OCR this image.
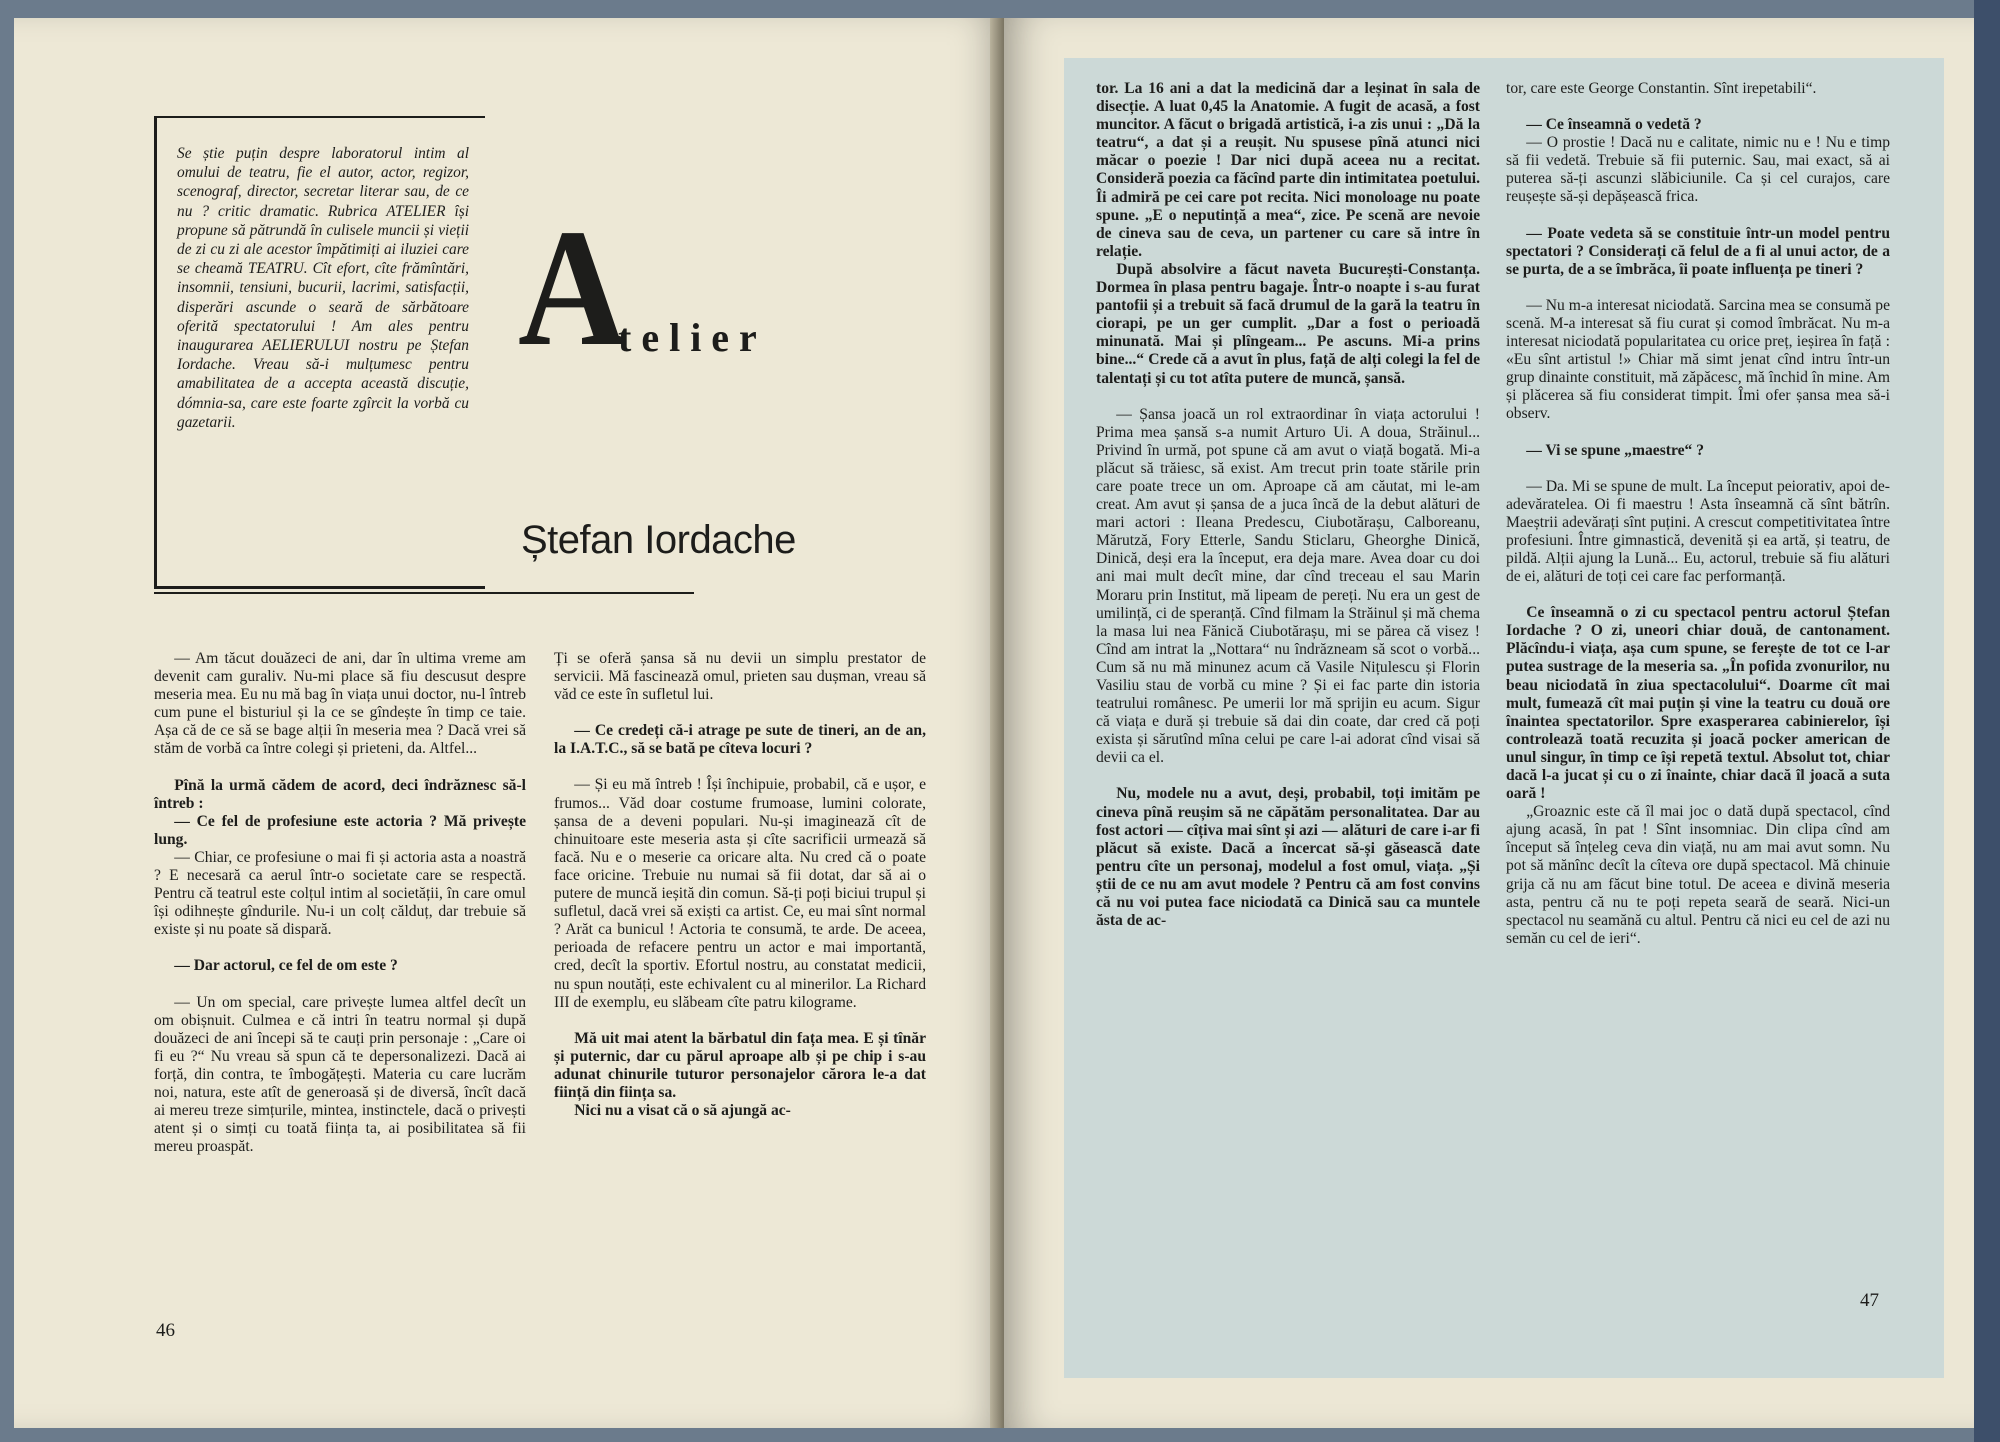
Se știe puțin despre laboratorul intim al omului de teatru, fie el autor, actor, regizor, scenograf, director, secretar literar sau, de ce nu ? critic dramatic. Rubrica ATELIER își propune să pătrundă în culisele muncii și vieții de zi cu zi ale acestor împătimiți ai iluziei care se cheamă TEATRU. Cît efort, cîte frămîntări, insomnii, tensiuni, bucurii, lacrimi, satisfacții, disperări ascunde o seară de sărbătoare oferită spectatorului ! Am ales pentru inaugurarea AELIERULUI nostru pe Ștefan Iordache. Vreau să-i mulțumesc pentru amabilitatea de a accepta această discuție, dómnia-sa, care este foarte zgîrcit la vorbă cu gazetarii.
A
telier
Ștefan Iordache

— Am tăcut douăzeci de ani, dar în ultima vreme am devenit cam guraliv. Nu-mi place să fiu descusut despre meseria mea. Eu nu mă bag în viața unui doctor, nu-l întreb cum pune el bisturiul și la ce se gîndește în timp ce taie. Așa că de ce să se bage alții în meseria mea ? Dacă vrei să stăm de vorbă ca între colegi și prieteni, da. Altfel...

Pînă la urmă cădem de acord, deci îndrăznesc să-l întreb :

— Ce fel de profesiune este actoria ? Mă privește lung.

— Chiar, ce profesiune o mai fi și actoria asta a noastră ? E necesară ca aerul într-o societate care se respectă. Pentru că teatrul este colțul intim al societății, în care omul își odihnește gîndurile. Nu-i un colț călduț, dar trebuie să existe și nu poate să dispară.

— Dar actorul, ce fel de om este ?

— Un om special, care privește lumea altfel decît un om obișnuit. Culmea e că intri în teatru normal și după douăzeci de ani începi să te cauți prin personaje : „Care oi fi eu ?“ Nu vreau să spun că te depersonalizezi. Dacă ai forță, din contra, te îmbogățești. Materia cu care lucrăm noi, natura, este atît de generoasă și de diversă, încît dacă ai mereu treze simțurile, mintea, instinctele, dacă o privești atent și o simți cu toată ființa ta, ai posibilitatea să fii mereu proaspăt.

Ți se oferă șansa să nu devii un simplu prestator de servicii. Mă fascinează omul, prieten sau dușman, vreau să văd ce este în sufletul lui.

— Ce credeți că-i atrage pe sute de tineri, an de an, la I.A.T.C., să se bată pe cîteva locuri ?

— Și eu mă întreb ! Își închipuie, probabil, că e ușor, e frumos... Văd doar costume frumoase, lumini colorate, șansa de a deveni populari. Nu-și imaginează cît de chinuitoare este meseria asta și cîte sacrificii urmează să facă. Nu e o meserie ca oricare alta. Nu cred că o poate face oricine. Trebuie nu numai să fii dotat, dar să ai o putere de muncă ieșită din comun. Să-ți poți biciui trupul și sufletul, dacă vrei să exiști ca artist. Ce, eu mai sînt normal ? Arăt ca bunicul ! Actoria te consumă, te arde. De aceea, perioada de refacere pentru un actor e mai importantă, cred, decît la sportiv. Efortul nostru, au constatat medicii, nu spun noutăți, este echivalent cu al minerilor. La Richard III de exemplu, eu slăbeam cîte patru kilograme.

Mă uit mai atent la bărbatul din fața mea. E și tînăr și puternic, dar cu părul aproape alb și pe chip i s-au adunat chinurile tuturor personajelor cărora le-a dat ființă din ființa sa.

Nici nu a visat că o să ajungă ac-

46

tor. La 16 ani a dat la medicină dar a leșinat în sala de disecție. A luat 0,45 la Anatomie. A fugit de acasă, a fost muncitor. A făcut o brigadă artistică, i-a zis unui : „Dă la teatru“, a dat și a reușit. Nu spusese pînă atunci nici măcar o poezie ! Dar nici după aceea nu a recitat. Consideră poezia ca făcînd parte din intimitatea poetului. Îi admiră pe cei care pot recita. Nici monoloage nu poate spune. „E o neputință a mea“, zice. Pe scenă are nevoie de cineva sau de ceva, un partener cu care să intre în relație.

După absolvire a făcut naveta București-Constanța. Dormea în plasa pentru bagaje. Într-o noapte i s-au furat pantofii și a trebuit să facă drumul de la gară la teatru în ciorapi, pe un ger cumplit. „Dar a fost o perioadă minunată. Mai și plîngeam... Pe ascuns. Mi-a prins bine...“ Crede că a avut în plus, față de alți colegi la fel de talentați și cu tot atîta putere de muncă, șansă.

— Șansa joacă un rol extraordinar în viața actorului ! Prima mea șansă s-a numit Arturo Ui. A doua, Străinul... Privind în urmă, pot spune că am avut o viață bogată. Mi-a plăcut să trăiesc, să exist. Am trecut prin toate stările prin care poate trece un om. Aproape că am căutat, mi le-am creat. Am avut și șansa de a juca încă de la debut alături de mari actori : Ileana Predescu, Ciubotărașu, Calboreanu, Mărutză, Fory Etterle, Sandu Sticlaru, Gheorghe Dinică, Dinică, deși era la început, era deja mare. Avea doar cu doi ani mai mult decît mine, dar cînd treceau el sau Marin Moraru prin Institut, mă lipeam de pereți. Nu era un gest de umilință, ci de speranță. Cînd filmam la Străinul și mă chema la masa lui nea Fănică Ciubotărașu, mi se părea că visez ! Cînd am intrat la „Nottara“ nu îndrăzneam să scot o vorbă... Cum să nu mă minunez acum că Vasile Nițulescu și Florin Vasiliu stau de vorbă cu mine ? Și ei fac parte din istoria teatrului românesc. Pe umerii lor mă sprijin eu acum. Sigur că viața e dură și trebuie să dai din coate, dar cred că poți exista și sărutînd mîna celui pe care l-ai adorat cînd visai să devii ca el.

Nu, modele nu a avut, deși, probabil, toți imităm pe cineva pînă reușim să ne căpătăm personalitatea. Dar au fost actori — cîțiva mai sînt și azi — alături de care i-ar fi plăcut să existe. Dacă a încercat să-și găsească date pentru cîte un personaj, modelul a fost omul, viața. „Și știi de ce nu am avut modele ? Pentru că am fost convins că nu voi putea face niciodată ca Dinică sau ca muntele ăsta de ac-

tor, care este George Constantin. Sînt irepetabili“.

— Ce înseamnă o vedetă ?

— O prostie ! Dacă nu e calitate, nimic nu e ! Nu e timp să fii vedetă. Trebuie să fii puternic. Sau, mai exact, să ai puterea să-ți ascunzi slăbiciunile. Ca și cel curajos, care reușește să-și depășească frica.

— Poate vedeta să se constituie într-un model pentru spectatori ? Considerați că felul de a fi al unui actor, de a se purta, de a se îmbrăca, îi poate influența pe tineri ?

— Nu m-a interesat niciodată. Sarcina mea se consumă pe scenă. M-a interesat să fiu curat și comod îmbrăcat. Nu m-a interesat niciodată popularitatea cu orice preț, ieșirea în față : «Eu sînt artistul !» Chiar mă simt jenat cînd intru într-un grup dinainte constituit, mă zăpăcesc, mă închid în mine. Am și plăcerea să fiu considerat timpit. Îmi ofer șansa mea să-i observ.

— Vi se spune „maestre“ ?

— Da. Mi se spune de mult. La început peiorativ, apoi de-adevăratelea. Oi fi maestru ! Asta înseamnă că sînt bătrîn. Maeștrii adevărați sînt puțini. A crescut competitivitatea între profesiuni. Între gimnastică, devenită și ea artă, și teatru, de pildă. Alții ajung la Lună... Eu, actorul, trebuie să fiu alături de ei, alături de toți cei care fac performanță.

Ce înseamnă o zi cu spectacol pentru actorul Ștefan Iordache ? O zi, uneori chiar două, de cantonament. Plăcîndu-i viața, așa cum spune, se ferește de tot ce l-ar putea sustrage de la meseria sa. „În pofida zvonurilor, nu beau niciodată în ziua spectacolului“. Doarme cît mai mult, fumează cît mai puțin și vine la teatru cu două ore înaintea spectatorilor. Spre exasperarea cabinierelor, își controlează toată recuzita și joacă pocker american de unul singur, în timp ce își repetă textul. Absolut tot, chiar dacă l-a jucat și cu o zi înainte, chiar dacă îl joacă a suta oară !

„Groaznic este că îl mai joc o dată după spectacol, cînd ajung acasă, în pat ! Sînt insomniac. Din clipa cînd am început să înțeleg ceva din viață, nu am mai avut somn. Nu pot să mănînc decît la cîteva ore după spectacol. Mă chinuie grija că nu am făcut bine totul. De aceea e divină meseria asta, pentru că nu te poți repeta seară de seară. Nici-un spectacol nu seamănă cu altul. Pentru că nici eu cel de azi nu semăn cu cel de ieri“.

47
